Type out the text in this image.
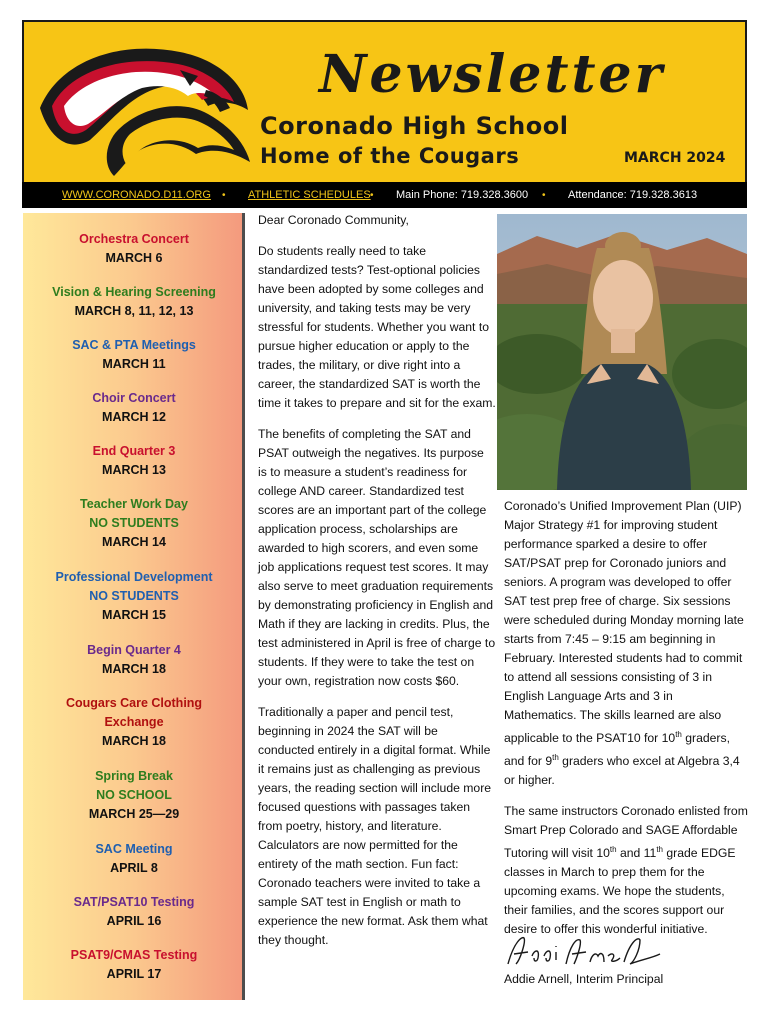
Newsletter
Coronado High School
Home of the Cougars	MARCH 2024
WWW.CORONADO.D11.ORG • ATHLETIC SCHEDULES • Main Phone: 719.328.3600 • Attendance: 719.328.3613
Orchestra Concert
MARCH 6
Vision & Hearing Screening
MARCH 8, 11, 12, 13
SAC & PTA Meetings
MARCH 11
Choir Concert
MARCH 12
End Quarter 3
MARCH 13
Teacher Work Day
NO STUDENTS
MARCH 14
Professional Development
NO STUDENTS
MARCH 15
Begin Quarter 4
MARCH 18
Cougars Care Clothing
Exchange
MARCH 18
Spring Break
NO SCHOOL
MARCH 25—29
SAC Meeting
APRIL 8
SAT/PSAT10 Testing
APRIL 16
PSAT9/CMAS Testing
APRIL 17

Dear Coronado Community,

Do students really need to take standardized tests? Test-optional policies have been adopted by some colleges and university, and taking tests may be very stressful for students. Whether you want to pursue higher education or apply to the trades, the military, or dive right into a career, the standardized SAT is worth the time it takes to prepare and sit for the exam.

The benefits of completing the SAT and PSAT outweigh the negatives. Its purpose is to measure a student’s readiness for college AND career. Standardized test scores are an important part of the college application process, scholarships are awarded to high scorers, and even some job applications request test scores. It may also serve to meet graduation requirements by demonstrating proficiency in English and Math if they are lacking in credits. Plus, the test administered in April is free of charge to students. If they were to take the test on your own, registration now costs $60.

Traditionally a paper and pencil test, beginning in 2024 the SAT will be conducted entirely in a digital format. While it remains just as challenging as previous years, the reading section will include more focused questions with passages taken from poetry, history, and literature. Calculators are now permitted for the entirety of the math section. Fun fact: Coronado teachers were invited to take a sample SAT test in English or math to experience the new format. Ask them what they thought.

Coronado’s Unified Improvement Plan (UIP) Major Strategy #1 for improving student performance sparked a desire to offer SAT/PSAT prep for Coronado juniors and seniors. A program was developed to offer SAT test prep free of charge. Six sessions were scheduled during Monday morning late starts from 7:45 – 9:15 am beginning in February. Interested students had to commit to attend all sessions consisting of 3 in English Language Arts and 3 in Mathematics. The skills learned are also applicable to the PSAT10 for 10th graders, and for 9th graders who excel at Algebra 3,4 or higher.

The same instructors Coronado enlisted from Smart Prep Colorado and SAGE Affordable Tutoring will visit 10th and 11th grade EDGE classes in March to prep them for the upcoming exams. We hope the students, their families, and the scores support our desire to offer this wonderful initiative.

Addie Arnell, Interim Principal
